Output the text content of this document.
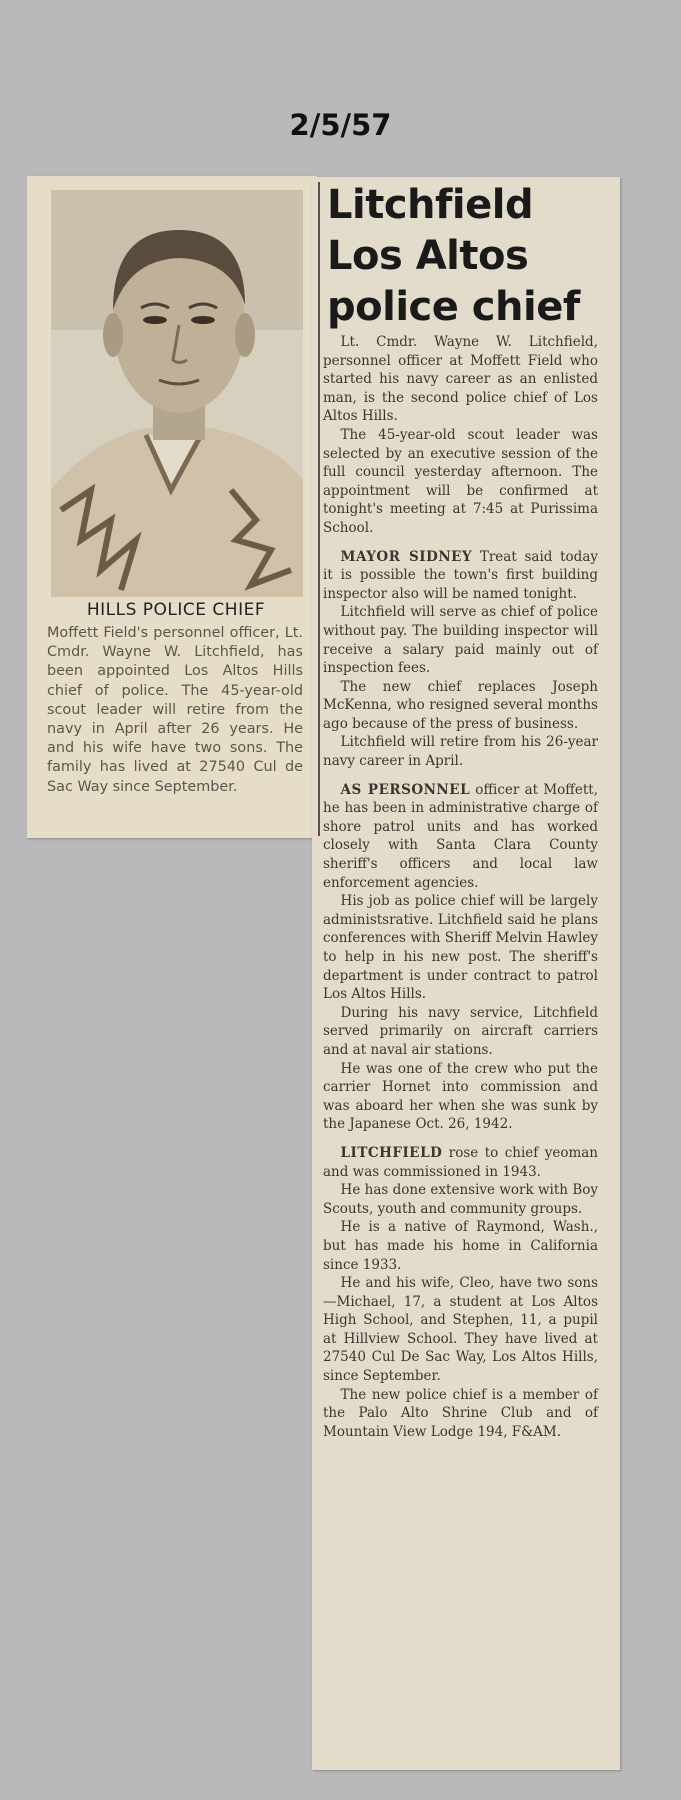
2/5/57
HILLS POLICE CHIEF
Moffett Field's personnel officer, Lt. Cmdr. Wayne W. Litchfield, has been appointed Los Altos Hills chief of police. The 45-year-old scout leader will retire from the navy in April after 26 years. He and his wife have two sons. The family has lived at 27540 Cul de Sac Way since September.
Litchfield Los Altos police chief

Lt. Cmdr. Wayne W. Litchfield, personnel officer at Moffett Field who started his navy career as an enlisted man, is the second police chief of Los Altos Hills.

The 45-year-old scout leader was selected by an executive session of the full council yesterday afternoon. The appointment will be confirmed at tonight's meeting at 7:45 at Purissima School.

MAYOR SIDNEY Treat said today it is possible the town's first building inspector also will be named tonight.

Litchfield will serve as chief of police without pay. The building inspector will receive a salary paid mainly out of inspection fees.

The new chief replaces Joseph McKenna, who resigned several months ago because of the press of business.

Litchfield will retire from his 26-year navy career in April.

AS PERSONNEL officer at Moffett, he has been in administrative charge of shore patrol units and has worked closely with Santa Clara County sheriff's officers and local law enforcement agencies.

His job as police chief will be largely administsrative. Litchfield said he plans conferences with Sheriff Melvin Hawley to help in his new post. The sheriff's department is under contract to patrol Los Altos Hills.

During his navy service, Litchfield served primarily on aircraft carriers and at naval air stations.

He was one of the crew who put the carrier Hornet into commission and was aboard her when she was sunk by the Japanese Oct. 26, 1942.

LITCHFIELD rose to chief yeoman and was commissioned in 1943.

He has done extensive work with Boy Scouts, youth and community groups.

He is a native of Raymond, Wash., but has made his home in California since 1933.

He and his wife, Cleo, have two sons—Michael, 17, a student at Los Altos High School, and Stephen, 11, a pupil at Hillview School. They have lived at 27540 Cul De Sac Way, Los Altos Hills, since September.

The new police chief is a member of the Palo Alto Shrine Club and of Mountain View Lodge 194, F&AM.
